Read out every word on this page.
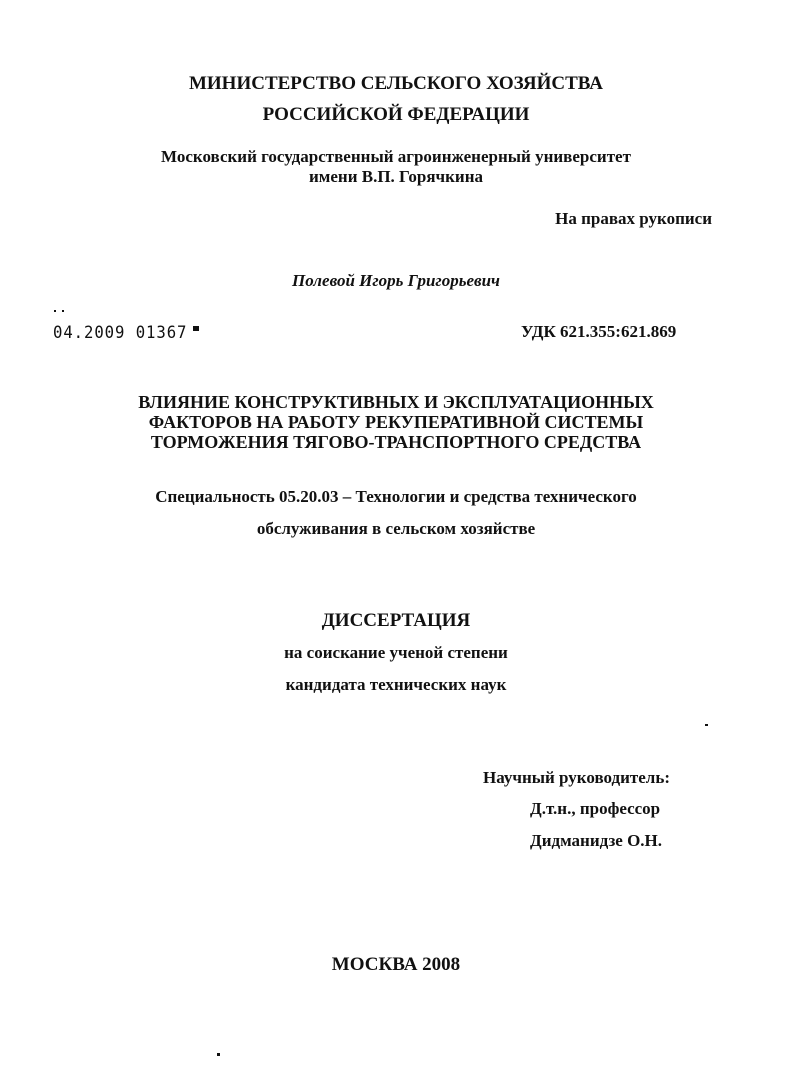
МИНИСТЕРСТВО СЕЛЬСКОГО ХОЗЯЙСТВА
РОССИЙСКОЙ ФЕДЕРАЦИИ
Московский государственный агроинженерный университет
имени В.П. Горячкина
На правах рукописи
Полевой Игорь Григорьевич
04.2009 01367	УДК 621.355:621.869
ВЛИЯНИЕ КОНСТРУКТИВНЫХ И ЭКСПЛУАТАЦИОННЫХ
ФАКТОРОВ НА РАБОТУ РЕКУПЕРАТИВНОЙ СИСТЕМЫ
ТОРМОЖЕНИЯ ТЯГОВО-ТРАНСПОРТНОГО СРЕДСТВА
Специальность 05.20.03 – Технологии и средства технического
обслуживания в сельском хозяйстве
ДИССЕРТАЦИЯ
на соискание ученой степени
кандидата технических наук
Научный руководитель:
Д.т.н., профессор
Дидманидзе О.Н.
МОСКВА 2008
